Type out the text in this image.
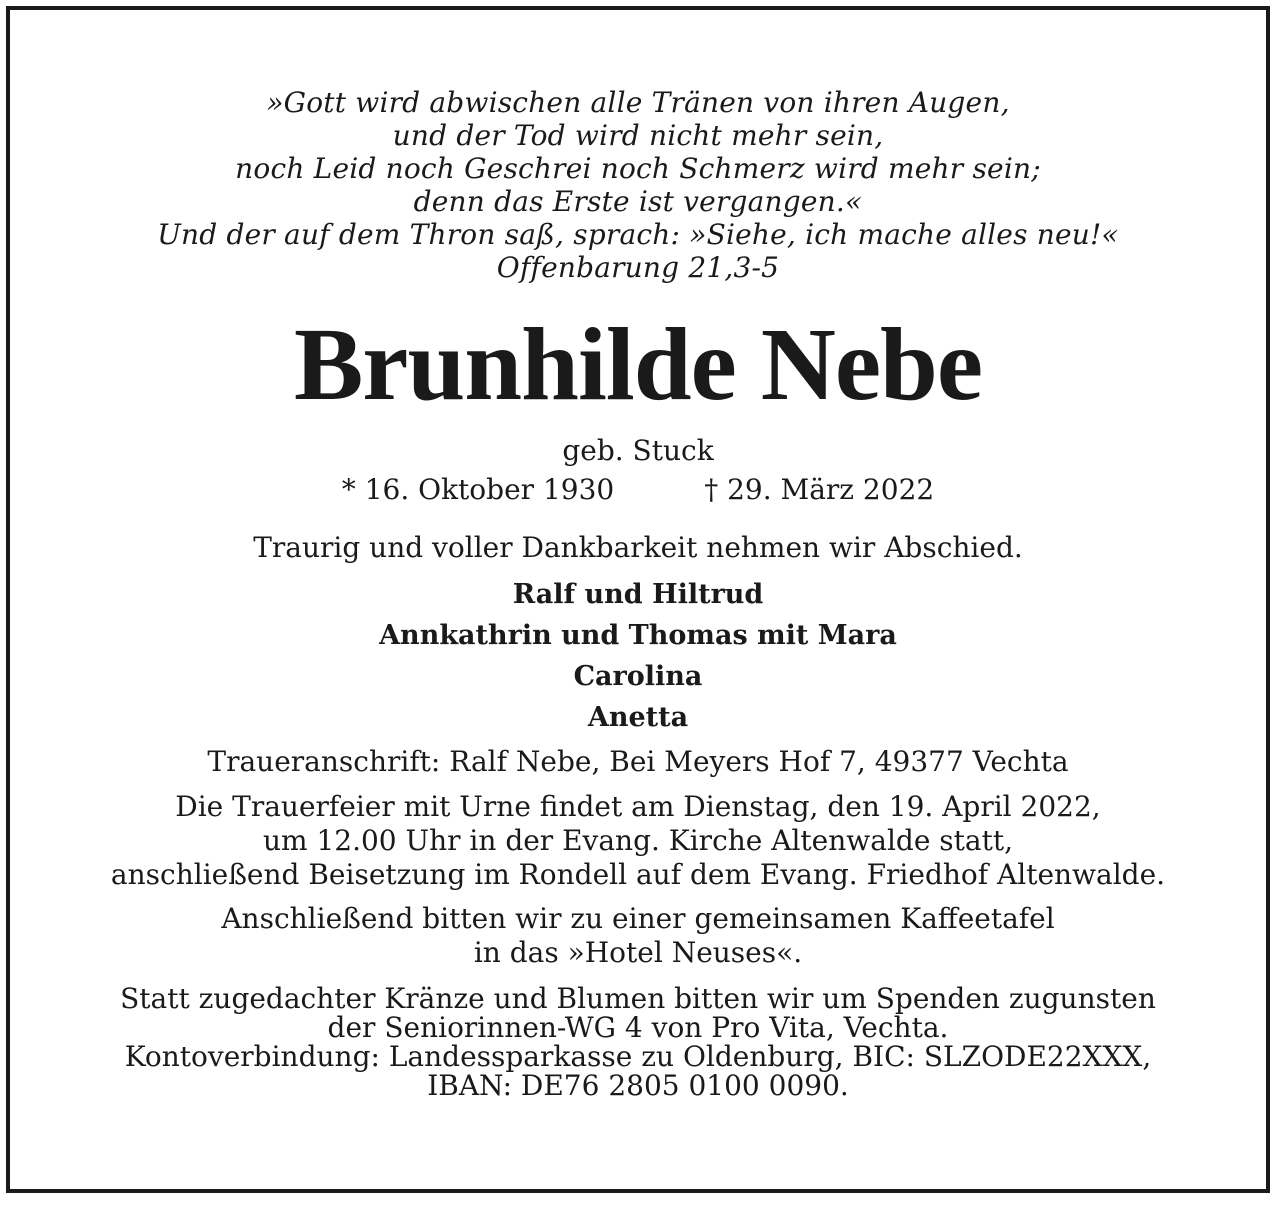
»Gott wird abwischen alle Tränen von ihren Augen,
und der Tod wird nicht mehr sein,
noch Leid noch Geschrei noch Schmerz wird mehr sein;
denn das Erste ist vergangen.«
Und der auf dem Thron saß, sprach: »Siehe, ich mache alles neu!«
Offenbarung 21,3-5
Brunhilde Nebe
geb. Stuck
* 16. Oktober 1930	† 29. März 2022
Traurig und voller Dankbarkeit nehmen wir Abschied.
Ralf und Hiltrud
Annkathrin und Thomas mit Mara
Carolina
Anetta
Traueranschrift: Ralf Nebe, Bei Meyers Hof 7, 49377 Vechta
Die Trauerfeier mit Urne findet am Dienstag, den 19. April 2022,
um 12.00 Uhr in der Evang. Kirche Altenwalde statt,
anschließend Beisetzung im Rondell auf dem Evang. Friedhof Altenwalde.
Anschließend bitten wir zu einer gemeinsamen Kaffeetafel
in das »Hotel Neuses«.
Statt zugedachter Kränze und Blumen bitten wir um Spenden zugunsten
der Seniorinnen-WG 4 von Pro Vita, Vechta.
Kontoverbindung: Landessparkasse zu Oldenburg, BIC: SLZODE22XXX,
IBAN: DE76 2805 0100 0090.
